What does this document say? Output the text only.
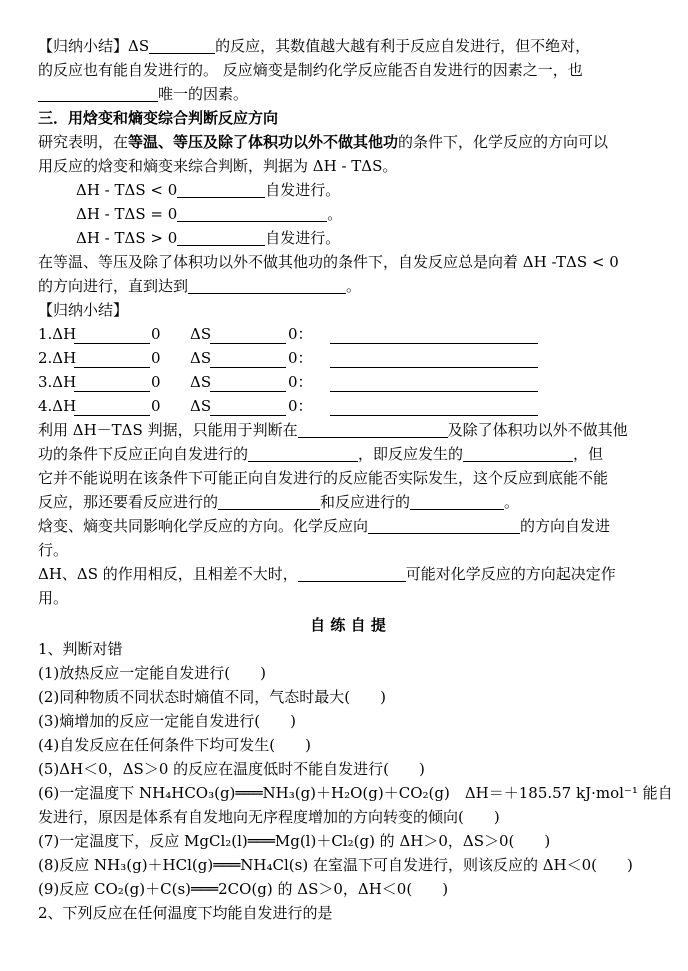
【归纳小结】ΔS	的反应，其数值越大越有利于反应自发进行，但不绝对，
的反应也有能自发进行的。 反应熵变是制约化学反应能否自发进行的因素之一，也
唯一的因素。
三．用焓变和熵变综合判断反应方向
研究表明，在等温、等压及除了体积功以外不做其他功的条件下，化学反应的方向可以
用反应的焓变和熵变来综合判断，判据为 ΔH - TΔS。
ΔH - TΔS < 0	自发进行。
ΔH - TΔS = 0	。
ΔH - TΔS > 0	自发进行。
在等温、等压及除了体积功以外不做其他功的条件下，自发反应总是向着 ΔH -TΔS < 0
的方向进行，直到达到	。
【归纳小结】
1.ΔH	0 ΔS	0：
2.ΔH	0 ΔS	0：
3.ΔH	0 ΔS	0：
4.ΔH	0 ΔS	0：
利用 ΔH－TΔS 判据，只能用于判断在	及除了体积功以外不做其他
功的条件下反应正向自发进行的	，即反应发生的	，但
它并不能说明在该条件下可能正向自发进行的反应能否实际发生，这个反应到底能不能
反应，那还要看反应进行的	和反应进行的	。
焓变、熵变共同影响化学反应的方向。化学反应向	的方向自发进
行。
ΔH、ΔS 的作用相反，且相差不大时，	可能对化学反应的方向起决定作
用。
自 练 自 提
1、判断对错
(1)放热反应一定能自发进行(　　)
(2)同种物质不同状态时熵值不同，气态时最大(　　)
(3)熵增加的反应一定能自发进行(　　)
(4)自发反应在任何条件下均可发生(　　)
(5)ΔH＜0，ΔS＞0 的反应在温度低时不能自发进行(　　)
(6)一定温度下 NH₄HCO₃(g)═══NH₃(g)＋H₂O(g)＋CO₂(g)　ΔH＝＋185.57 kJ·mol⁻¹ 能自
发进行，原因是体系有自发地向无序程度增加的方向转变的倾向(　　)
(7)一定温度下，反应 MgCl₂(l)═══Mg(l)＋Cl₂(g) 的 ΔH＞0，ΔS＞0(　　)
(8)反应 NH₃(g)＋HCl(g)═══NH₄Cl(s) 在室温下可自发进行，则该反应的 ΔH＜0(　　)
(9)反应 CO₂(g)＋C(s)═══2CO(g) 的 ΔS＞0，ΔH＜0(　　)
2、下列反应在任何温度下均能自发进行的是
